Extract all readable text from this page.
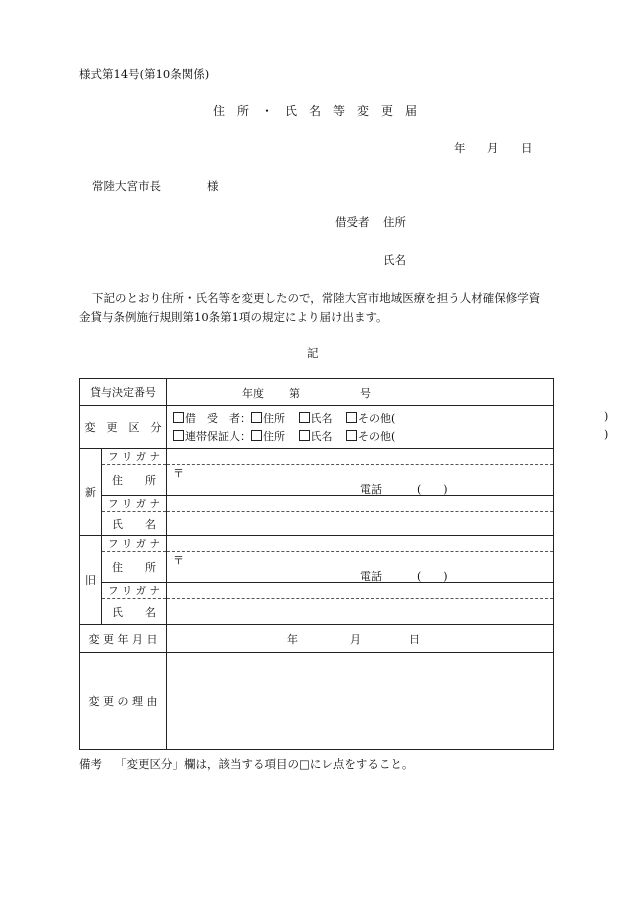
様式第14号(第10条関係)
住　所　・　氏　名　等　変　更　届
年 月 日
常陸大宮市長	様
借受者 住所
氏名
下記のとおり住所・氏名等を変更したので，常陸大宮市地域医療を担う人材確保修学資
金貸与条例施行規則第10条第1項の規定により届け出ます。
記
貸与決定番号		年度 第 号

変　更　区　分		借　受　者： 住所 氏名 その他( )
連帯保証人： 住所 氏名 その他( )

新	フ リ ガ ナ	
	住　　所	〒
電話 (　　)

	フ リ ガ ナ	
	氏　　名	
旧	フ リ ガ ナ	
	住　　所	〒
電話 (　　)

	フ リ ガ ナ	
	氏　　名	
変 更 年 月 日		年 月 日

変 更 の 理 由		
備考 「変更区分」欄は，該当する項目の□にレ点をすること。
